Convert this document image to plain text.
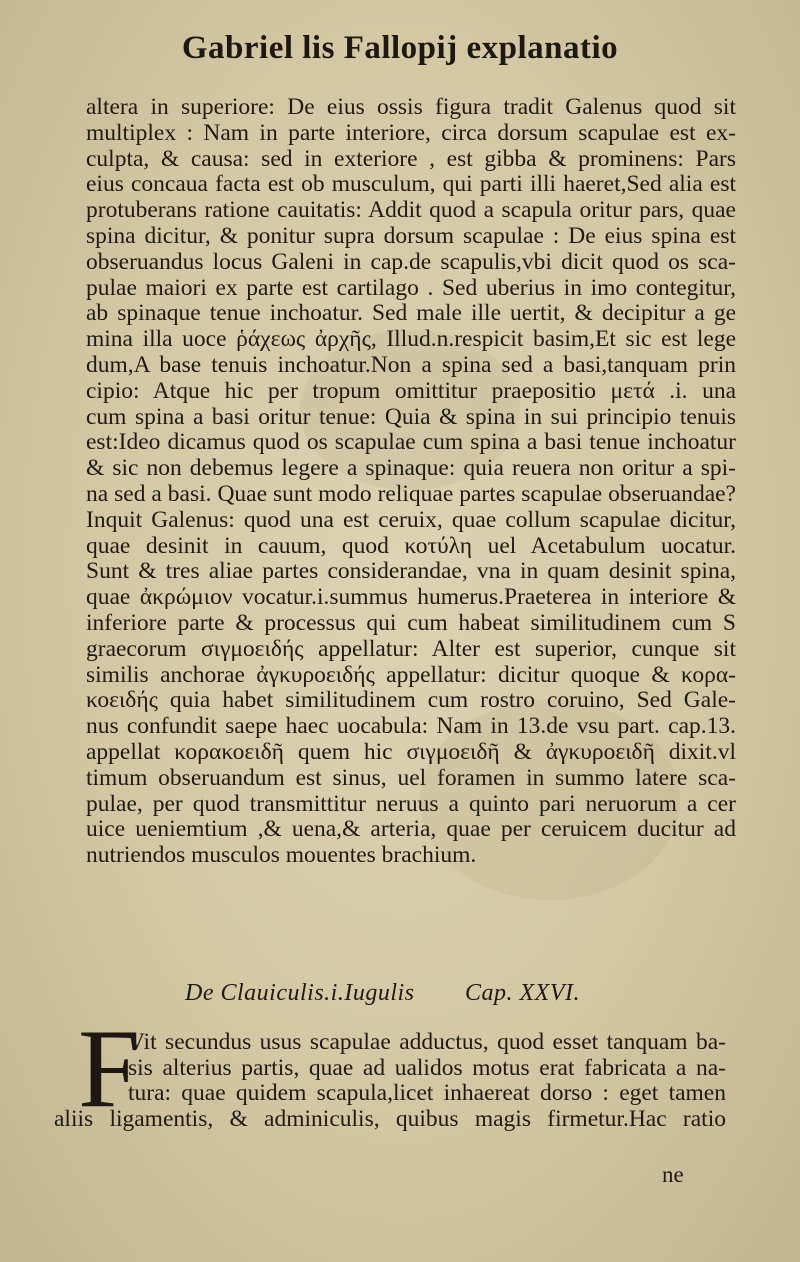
Gabriel lis Fallopij explanatio
altera in superiore: De eius ossis figura tradit Galenus quod sit
multiplex : Nam in parte interiore, circa dorsum scapulae est ex-
culpta, & causa: sed in exteriore , est gibba & prominens: Pars
eius concaua facta est ob musculum, qui parti illi haeret,Sed alia est
protuberans ratione cauitatis: Addit quod a scapula oritur pars, quae
spina dicitur, & ponitur supra dorsum scapulae : De eius spina est
obseruandus locus Galeni in cap.de scapulis,vbi dicit quod os sca-
pulae maiori ex parte est cartilago . Sed uberius in imo contegitur,
ab spinaque tenue inchoatur. Sed male ille uertit, & decipitur a ge
mina illa uoce ῥάχεως ἀρχῆς, Illud.n.respicit basim,Et sic est lege
dum,A base tenuis inchoatur.Non a spina sed a basi,tanquam prin
cipio: Atque hic per tropum omittitur praepositio μετά .i. una
cum spina a basi oritur tenue: Quia & spina in sui principio tenuis
est:Ideo dicamus quod os scapulae cum spina a basi tenue inchoatur
& sic non debemus legere a spinaque: quia reuera non oritur a spi-
na sed a basi. Quae sunt modo reliquae partes scapulae obseruandae?
Inquit Galenus: quod una est ceruix, quae collum scapulae dicitur,
quae desinit in cauum, quod κοτύλη uel Acetabulum uocatur.
Sunt & tres aliae partes considerandae, vna in quam desinit spina,
quae ἀκρώμιον vocatur.i.summus humerus.Praeterea in interiore &
inferiore parte & processus qui cum habeat similitudinem cum S
graecorum σιγμοειδής appellatur: Alter est superior, cunque sit
similis anchorae ἀγκυροειδής appellatur: dicitur quoque & κορα-
κοειδής quia habet similitudinem cum rostro coruino, Sed Gale-
nus confundit saepe haec uocabula: Nam in 13.de vsu part. cap.13.
appellat κορακοειδῆ quem hic σιγμοειδῆ & ἀγκυροειδῆ dixit.vl
timum obseruandum est sinus, uel foramen in summo latere sca-
pulae, per quod transmittitur neruus a quinto pari neruorum a cer
uice ueniemtium ,& uena,& arteria, quae per ceruicem ducitur ad
nutriendos musculos mouentes brachium.
De Clauiculis.i.Iugulis Cap. XXVI.
F
Vit secundus usus scapulae adductus, quod esset tanquam ba-
sis alterius partis, quae ad ualidos motus erat fabricata a na-
tura: quae quidem scapula,licet inhaereat dorso : eget tamen
aliis ligamentis, & adminiculis, quibus magis firmetur.Hac ratio
ne
